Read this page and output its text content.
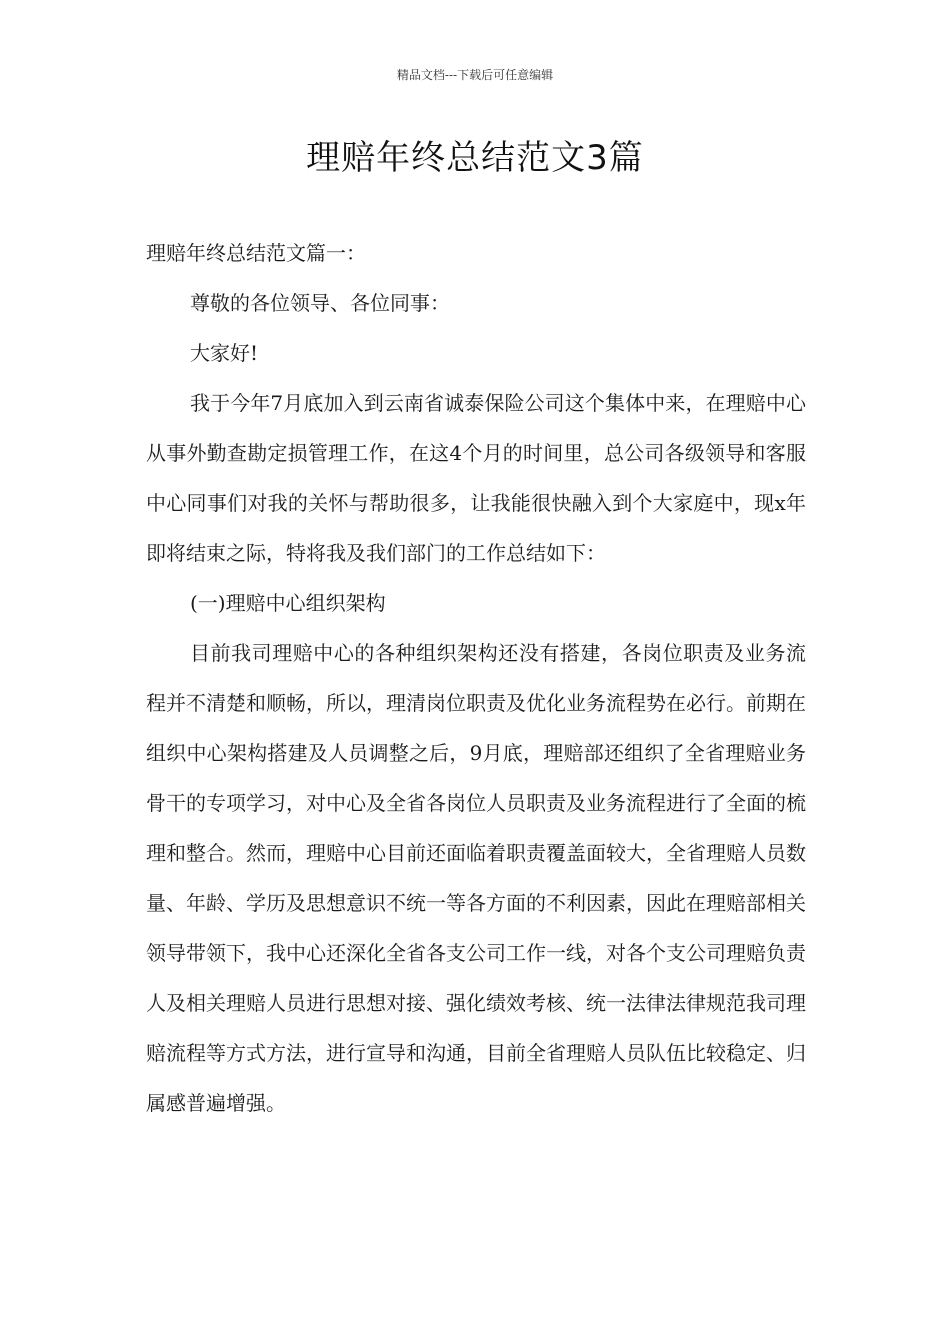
精品文档---下载后可任意编辑
理赔年终总结范文3篇

理赔年终总结范文篇一：

尊敬的各位领导、各位同事：

大家好!

我于今年7月底加入到云南省诚泰保险公司这个集体中来，在理赔中心从事外勤查勘定损管理工作，在这4个月的时间里，总公司各级领导和客服中心同事们对我的关怀与帮助很多，让我能很快融入到个大家庭中，现x年即将结束之际，特将我及我们部门的工作总结如下：

(一)理赔中心组织架构

目前我司理赔中心的各种组织架构还没有搭建，各岗位职责及业务流程并不清楚和顺畅，所以，理清岗位职责及优化业务流程势在必行。前期在组织中心架构搭建及人员调整之后，9月底，理赔部还组织了全省理赔业务骨干的专项学习，对中心及全省各岗位人员职责及业务流程进行了全面的梳理和整合。然而，理赔中心目前还面临着职责覆盖面较大，全省理赔人员数量、年龄、学历及思想意识不统一等各方面的不利因素，因此在理赔部相关领导带领下，我中心还深化全省各支公司工作一线，对各个支公司理赔负责人及相关理赔人员进行思想对接、强化绩效考核、统一法律法律规范我司理赔流程等方式方法，进行宣导和沟通，目前全省理赔人员队伍比较稳定、归属感普遍增强。
